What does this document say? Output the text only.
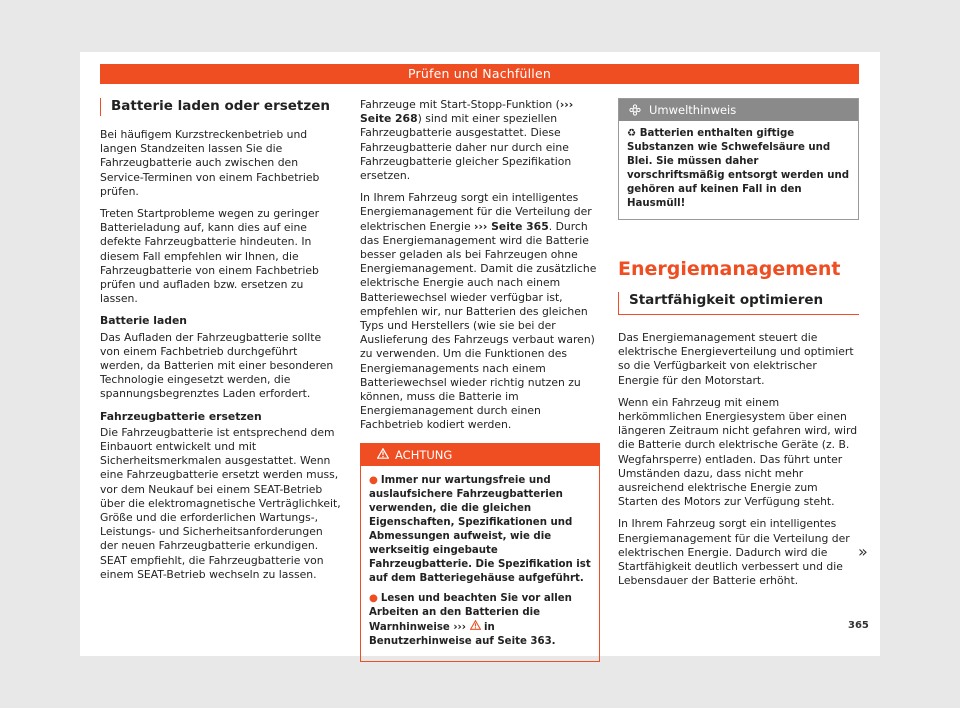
Prüfen und Nachfüllen
Batterie laden oder ersetzen

Bei häufigem Kurzstreckenbetrieb und langen Standzeiten lassen Sie die Fahrzeugbatterie auch zwischen den Service-Terminen von einem Fachbetrieb prüfen.

Treten Startprobleme wegen zu geringer Batterieladung auf, kann dies auf eine defekte Fahrzeugbatterie hindeuten. In diesem Fall empfehlen wir Ihnen, die Fahrzeugbatterie von einem Fachbetrieb prüfen und aufladen bzw. ersetzen zu lassen.

Batterie laden

Das Aufladen der Fahrzeugbatterie sollte von einem Fachbetrieb durchgeführt werden, da Batterien mit einer besonderen Technologie eingesetzt werden, die spannungsbegrenztes Laden erfordert.

Fahrzeugbatterie ersetzen

Die Fahrzeugbatterie ist entsprechend dem Einbauort entwickelt und mit Sicherheitsmerkmalen ausgestattet. Wenn eine Fahrzeugbatterie ersetzt werden muss, vor dem Neukauf bei einem SEAT-Betrieb über die elektromagnetische Verträglichkeit, Größe und die erforderlichen Wartungs-, Leistungs- und Sicherheitsanforderungen der neuen Fahrzeugbatterie erkundigen. SEAT empfiehlt, die Fahrzeugbatterie von einem SEAT-Betrieb wechseln zu lassen.

Fahrzeuge mit Start-Stopp-Funktion (››› Seite 268) sind mit einer speziellen Fahrzeugbatterie ausgestattet. Diese Fahrzeugbatterie daher nur durch eine Fahrzeugbatterie gleicher Spezifikation ersetzen.

In Ihrem Fahrzeug sorgt ein intelligentes Energiemanagement für die Verteilung der elektrischen Energie ››› Seite 365. Durch das Energiemanagement wird die Batterie besser geladen als bei Fahrzeugen ohne Energiemanagement. Damit die zusätzliche elektrische Energie auch nach einem Batteriewechsel wieder verfügbar ist, empfehlen wir, nur Batterien des gleichen Typs und Herstellers (wie sie bei der Auslieferung des Fahrzeugs verbaut waren) zu verwenden. Um die Funktionen des Energiemanagements nach einem Batteriewechsel wieder richtig nutzen zu können, muss die Batterie im Energiemanagement durch einen Fachbetrieb kodiert werden.

ACHTUNG
● Immer nur wartungsfreie und auslaufsichere Fahrzeugbatterien verwenden, die die gleichen Eigenschaften, Spezifikationen und Abmessungen aufweist, wie die werkseitig eingebaute Fahrzeugbatterie. Die Spezifikation ist auf dem Batteriegehäuse aufgeführt.
● Lesen und beachten Sie vor allen Arbeiten an den Batterien die Warnhinweise ››› in Benutzerhinweise auf Seite 363.
Umwelthinweis
♻ Batterien enthalten giftige Substanzen wie Schwefelsäure und Blei. Sie müssen daher vorschriftsmäßig entsorgt werden und gehören auf keinen Fall in den Hausmüll!
Energiemanagement
Startfähigkeit optimieren

Das Energiemanagement steuert die elektrische Energieverteilung und optimiert so die Verfügbarkeit von elektrischer Energie für den Motorstart.

Wenn ein Fahrzeug mit einem herkömmlichen Energiesystem über einen längeren Zeitraum nicht gefahren wird, wird die Batterie durch elektrische Geräte (z. B. Wegfahrsperre) entladen. Das führt unter Umständen dazu, dass nicht mehr ausreichend elektrische Energie zum Starten des Motors zur Verfügung steht.

In Ihrem Fahrzeug sorgt ein intelligentes Energiemanagement für die Verteilung der elektrischen Energie. Dadurch wird die Startfähigkeit deutlich verbessert und die Lebensdauer der Batterie erhöht.

»
365
